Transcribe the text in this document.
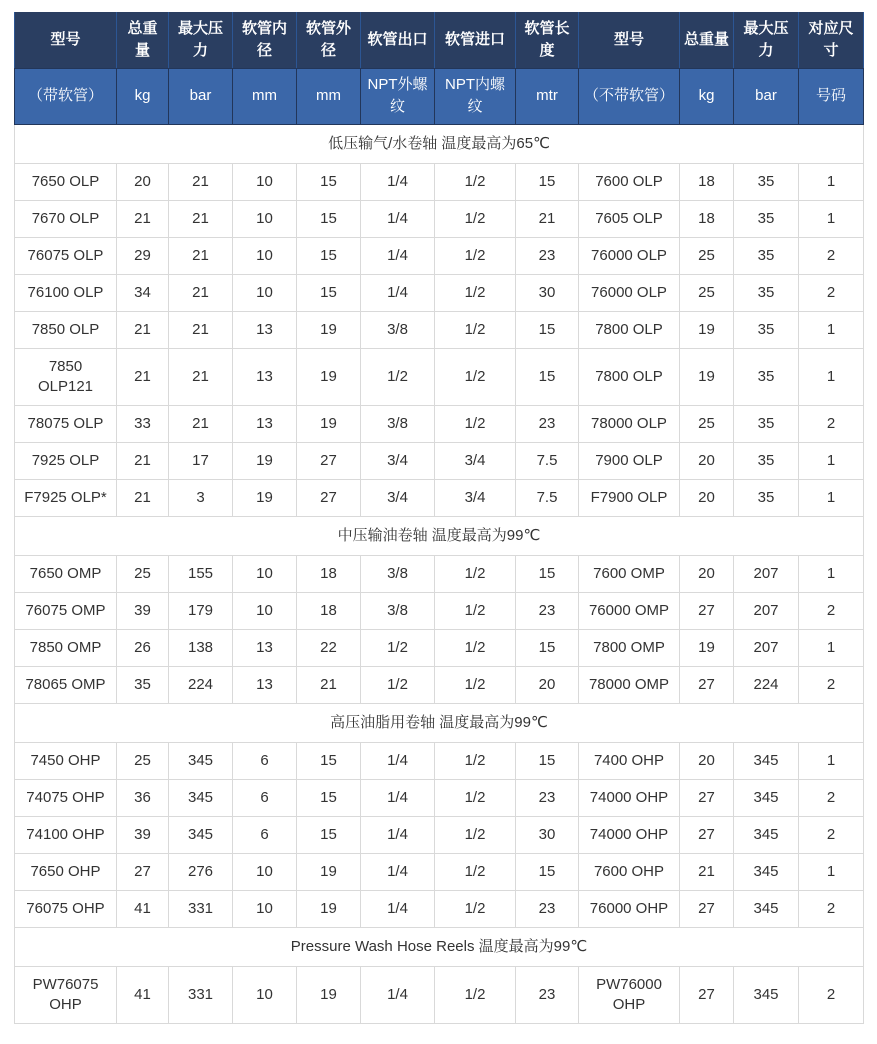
型号	总重量	最大压力	软管内径	软管外径	软管出口	软管进口	软管长度	型号	总重量	最大压力	对应尺寸
（带软管）	kg	bar	mm	mm	NPT外螺纹	NPT内螺纹	mtr	（不带软管）	kg	bar	号码
低压输气/水卷轴 温度最高为65℃											
7650 OLP	20	21	10	15	1/4	1/2	15	7600 OLP	18	35	1
7670 OLP	21	21	10	15	1/4	1/2	21	7605 OLP	18	35	1
76075 OLP	29	21	10	15	1/4	1/2	23	76000 OLP	25	35	2
76100 OLP	34	21	10	15	1/4	1/2	30	76000 OLP	25	35	2
7850 OLP	21	21	13	19	3/8	1/2	15	7800 OLP	19	35	1
7850 OLP121	21	21	13	19	1/2	1/2	15	7800 OLP	19	35	1
78075 OLP	33	21	13	19	3/8	1/2	23	78000 OLP	25	35	2
7925 OLP	21	17	19	27	3/4	3/4	7.5	7900 OLP	20	35	1
F7925 OLP*	21	3	19	27	3/4	3/4	7.5	F7900 OLP	20	35	1
中压输油卷轴 温度最高为99℃											
7650 OMP	25	155	10	18	3/8	1/2	15	7600 OMP	20	207	1
76075 OMP	39	179	10	18	3/8	1/2	23	76000 OMP	27	207	2
7850 OMP	26	138	13	22	1/2	1/2	15	7800 OMP	19	207	1
78065 OMP	35	224	13	21	1/2	1/2	20	78000 OMP	27	224	2
高压油脂用卷轴 温度最高为99℃											
7450 OHP	25	345	6	15	1/4	1/2	15	7400 OHP	20	345	1
74075 OHP	36	345	6	15	1/4	1/2	23	74000 OHP	27	345	2
74100 OHP	39	345	6	15	1/4	1/2	30	74000 OHP	27	345	2
7650 OHP	27	276	10	19	1/4	1/2	15	7600 OHP	21	345	1
76075 OHP	41	331	10	19	1/4	1/2	23	76000 OHP	27	345	2
Pressure Wash Hose Reels 温度最高为99℃											
PW76075 OHP	41	331	10	19	1/4	1/2	23	PW76000 OHP	27	345	2
